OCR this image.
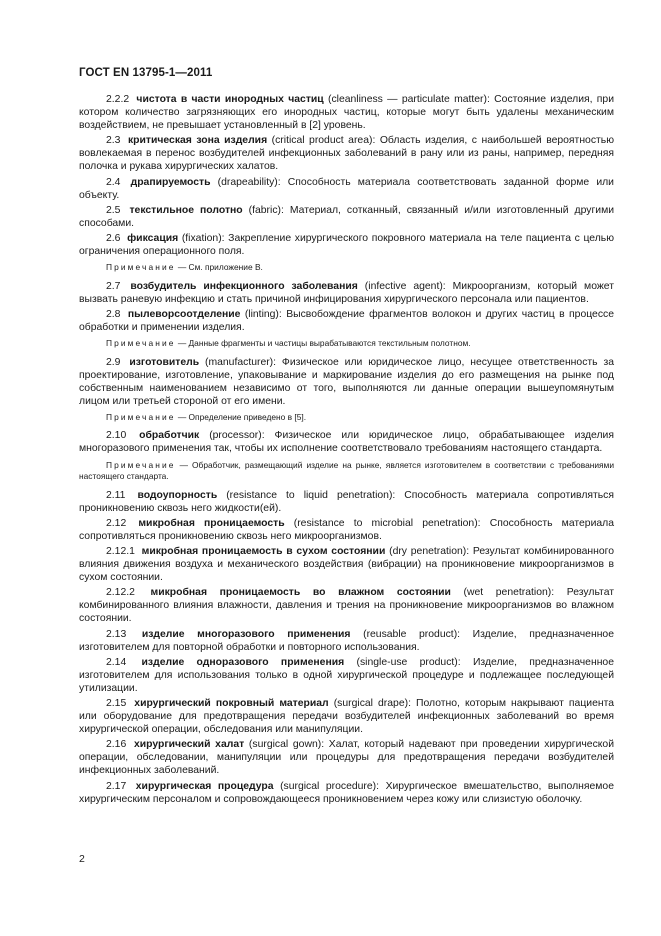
ГОСТ EN 13795-1—2011

2.2.2 чистота в части инородных частиц (cleanliness — particulate matter): Состояние изделия, при котором количество загрязняющих его инородных частиц, которые могут быть удалены механическим воздействием, не превышает установленный в [2] уровень.

2.3 критическая зона изделия (critical product area): Область изделия, с наибольшей вероятностью вовлекаемая в перенос возбудителей инфекционных заболеваний в рану или из раны, например, передняя полочка и рукава хирургических халатов.

2.4 драпируемость (drapeability): Способность материала соответствовать заданной форме или объекту.

2.5 текстильное полотно (fabric): Материал, сотканный, связанный и/или изготовленный другими способами.

2.6 фиксация (fixation): Закрепление хирургического покровного материала на теле пациента с целью ограничения операционного поля.

Примечание — См. приложение В.

2.7 возбудитель инфекционного заболевания (infective agent): Микроорганизм, который может вызвать раневую инфекцию и стать причиной инфицирования хирургического персонала или пациентов.

2.8 пылеворсоотделение (linting): Высвобождение фрагментов волокон и других частиц в процессе обработки и применении изделия.

Примечание — Данные фрагменты и частицы вырабатываются текстильным полотном.

2.9 изготовитель (manufacturer): Физическое или юридическое лицо, несущее ответственность за проектирование, изготовление, упаковывание и маркирование изделия до его размещения на рынке под собственным наименованием независимо от того, выполняются ли данные операции вышеупомянутым лицом или третьей стороной от его имени.

Примечание — Определение приведено в [5].

2.10 обработчик (processor): Физическое или юридическое лицо, обрабатывающее изделия многоразового применения так, чтобы их исполнение соответствовало требованиям настоящего стандарта.

Примечание — Обработчик, размещающий изделие на рынке, является изготовителем в соответствии с требованиями настоящего стандарта.

2.11 водоупорность (resistance to liquid penetration): Способность материала сопротивляться проникновению сквозь него жидкости(ей).

2.12 микробная проницаемость (resistance to microbial penetration): Способность материала сопротивляться проникновению сквозь него микроорганизмов.

2.12.1 микробная проницаемость в сухом состоянии (dry penetration): Результат комбинированного влияния движения воздуха и механического воздействия (вибрации) на проникновение микроорганизмов в сухом состоянии.

2.12.2 микробная проницаемость во влажном состоянии (wet penetration): Результат комбинированного влияния влажности, давления и трения на проникновение микроорганизмов во влажном состоянии.

2.13 изделие многоразового применения (reusable product): Изделие, предназначенное изготовителем для повторной обработки и повторного использования.

2.14 изделие одноразового применения (single-use product): Изделие, предназначенное изготовителем для использования только в одной хирургической процедуре и подлежащее последующей утилизации.

2.15 хирургический покровный материал (surgical drape): Полотно, которым накрывают пациента или оборудование для предотвращения передачи возбудителей инфекционных заболеваний во время хирургической операции, обследования или манипуляции.

2.16 хирургический халат (surgical gown): Халат, который надевают при проведении хирургической операции, обследовании, манипуляции или процедуры для предотвращения передачи возбудителей инфекционных заболеваний.

2.17 хирургическая процедура (surgical procedure): Хирургическое вмешательство, выполняемое хирургическим персоналом и сопровождающееся проникновением через кожу или слизистую оболочку.

2
